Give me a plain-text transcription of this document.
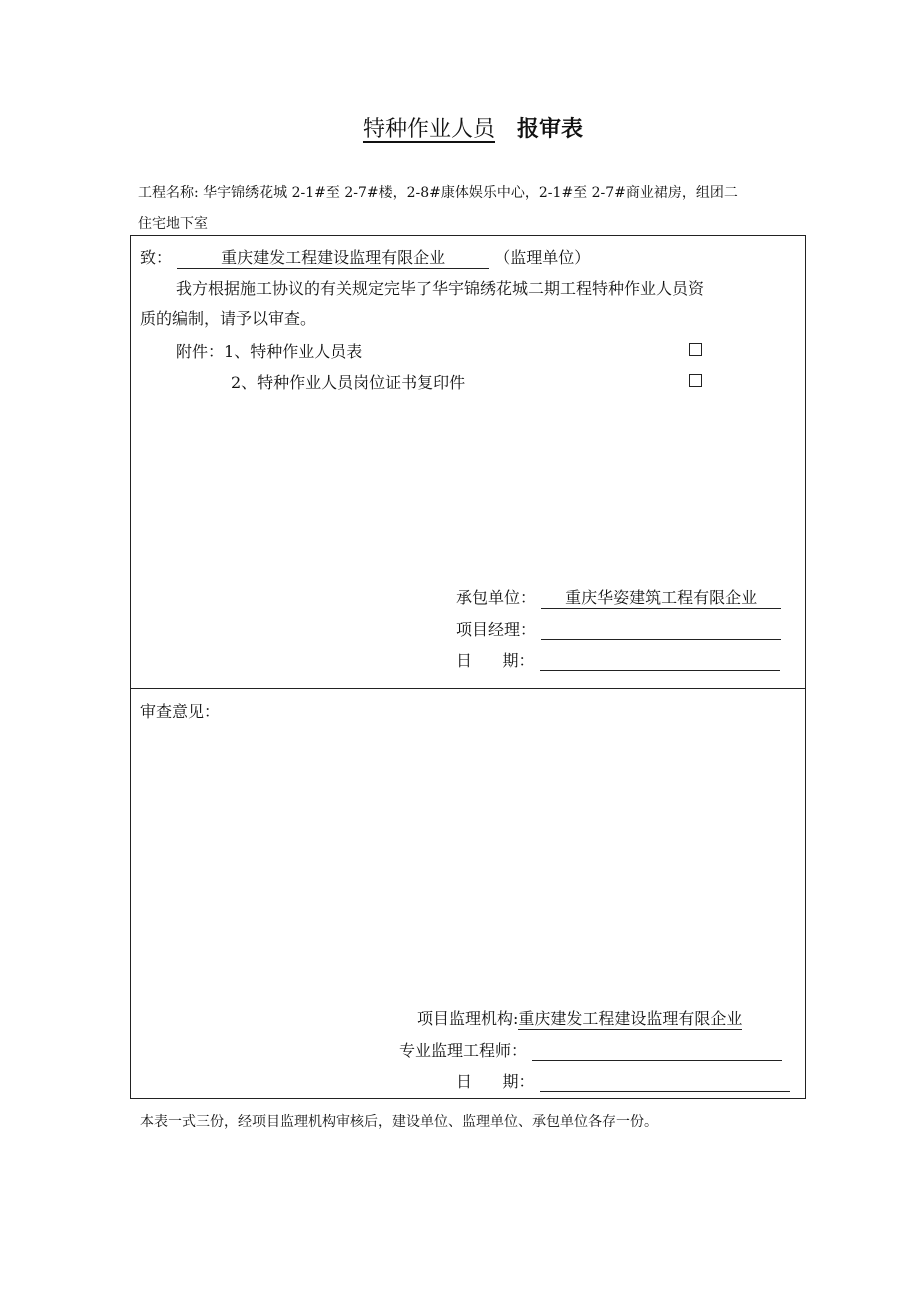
特种作业人员 报审表
工程名称: 华宇锦绣花城 2-1#至 2-7#楼，2-8#康体娱乐中心，2-1#至 2-7#商业裙房，组团二
住宅地下室
致：	重庆建发工程建设监理有限企业	（监理单位）
我方根据施工协议的有关规定完毕了华宇锦绣花城二期工程特种作业人员资
质的编制，请予以审查。
附件：1、特种作业人员表
2、特种作业人员岗位证书复印件
承包单位： 重庆华姿建筑工程有限企业
项目经理：
日      期：
审查意见：
项目监理机构:重庆建发工程建设监理有限企业
专业监理工程师：
日      期：
本表一式三份，经项目监理机构审核后，建设单位、监理单位、承包单位各存一份。
